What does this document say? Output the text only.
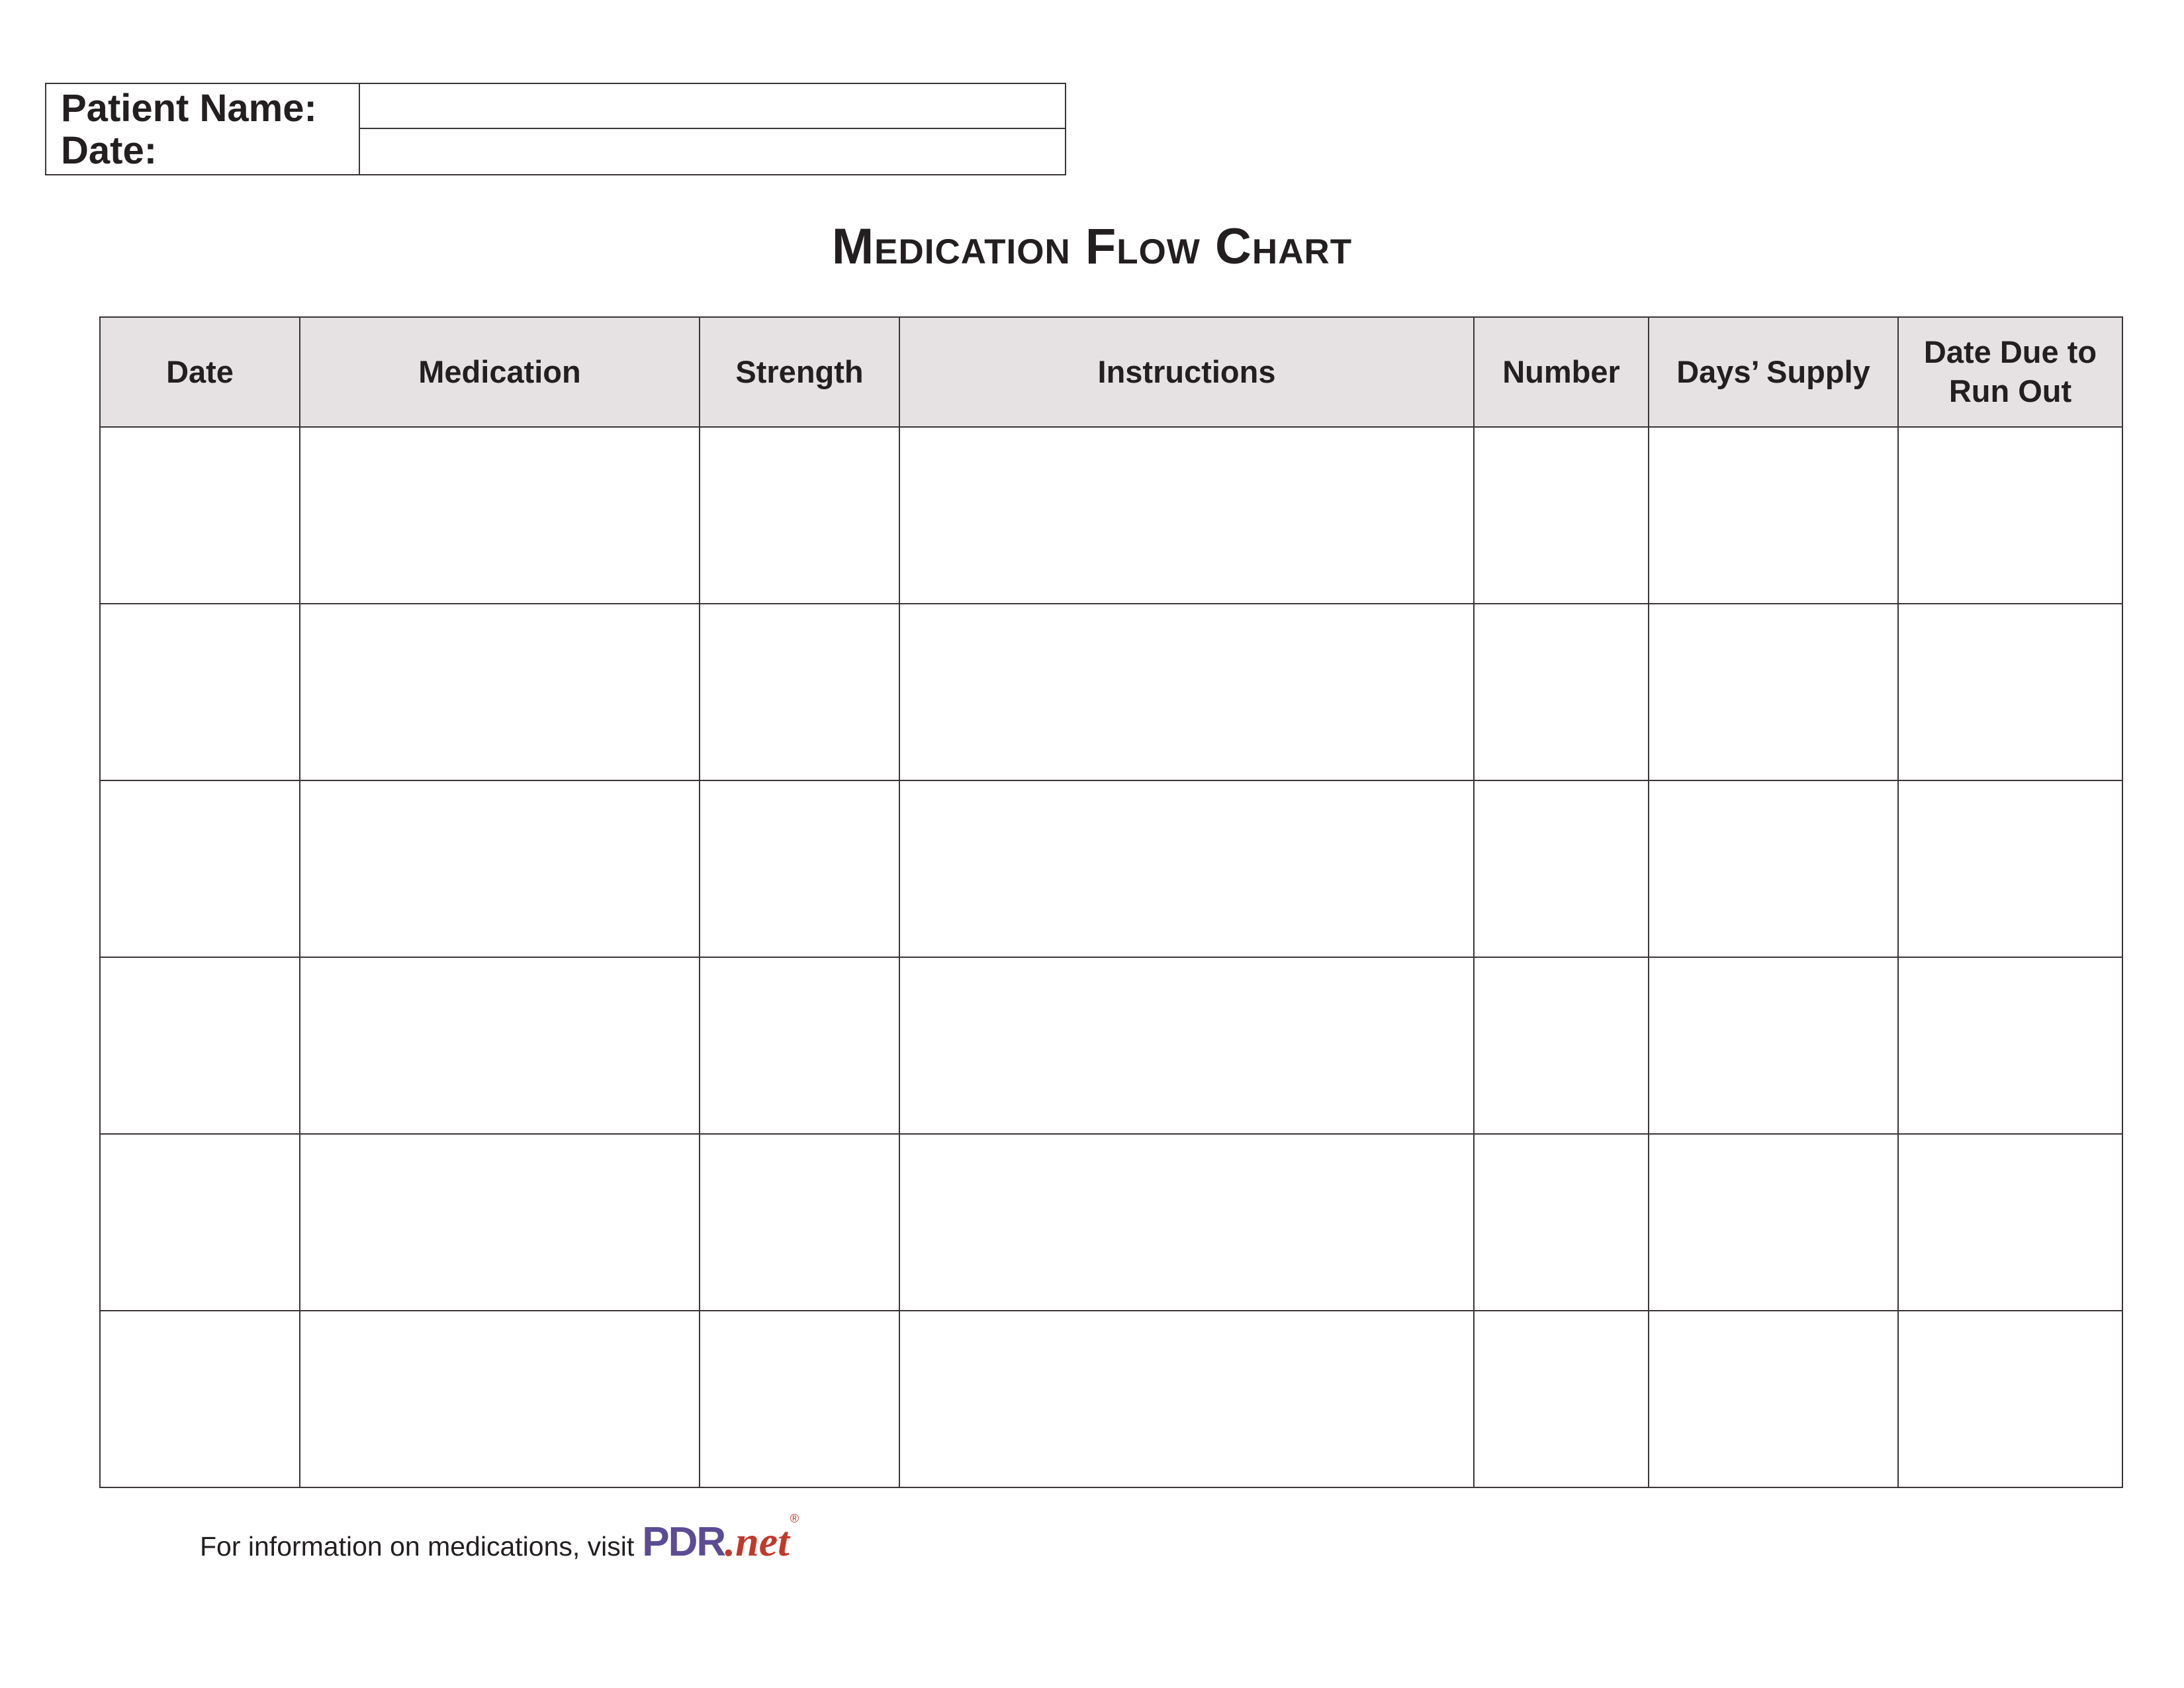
Patient Name:
Date:
Medication Flow Chart
Date	Medication	Strength	Instructions	Number	Days’ Supply	Date Due to Run Out

For information on medications, visit PDR .net ®
